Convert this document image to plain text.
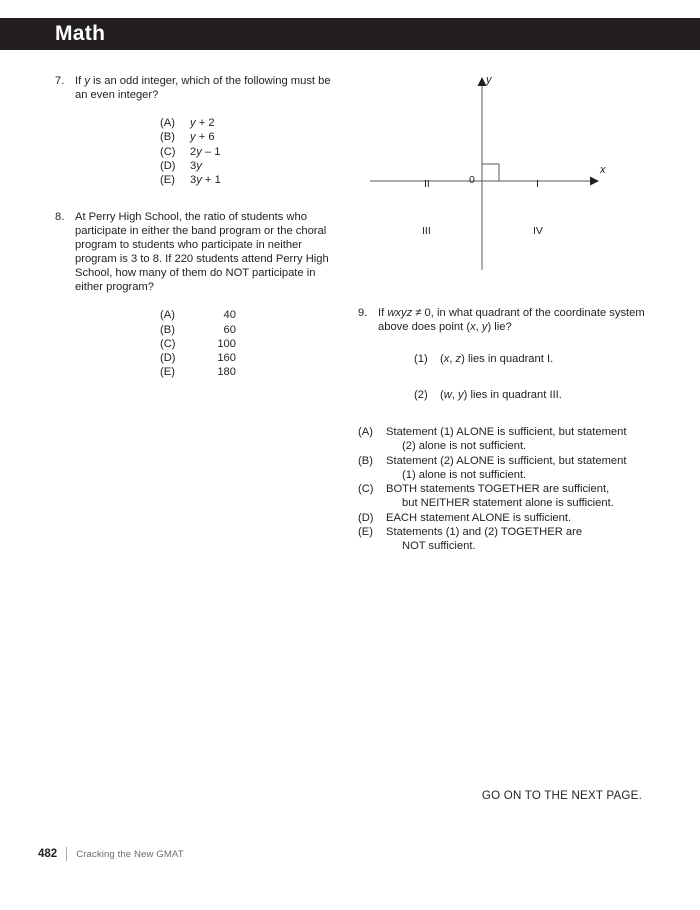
Math
7. If y is an odd integer, which of the following must be an even integer?
(A)	y + 2
(B)	y + 6
(C)	2y – 1
(D)	3y
(E)	3y + 1
8. At Perry High School, the ratio of students who participate in either the band program or the choral program to students who participate in neither program is 3 to 8. If 220 students attend Perry High School, how many of them do NOT participate in either program?
(A)	40
(B)	60
(C)	100
(D)	160
(E)	180
II	I
III	IV
0
x
y
9. If wxyz ≠ 0, in what quadrant of the coordinate system above does point (x, y) lie?
(1)	(x, z) lies in quadrant I.
(2)	(w, y) lies in quadrant III.
(A)	Statement (1) ALONE is sufficient, but statement
(2) alone is not sufficient.
(B)	Statement (2) ALONE is sufficient, but statement
(1) alone is not sufficient.
(C)	BOTH statements TOGETHER are sufficient,
but NEITHER statement alone is sufficient.
(D)	EACH statement ALONE is sufficient.
(E)	Statements (1) and (2) TOGETHER are
NOT sufficient.
GO ON TO THE NEXT PAGE.
482 Cracking the New GMAT
